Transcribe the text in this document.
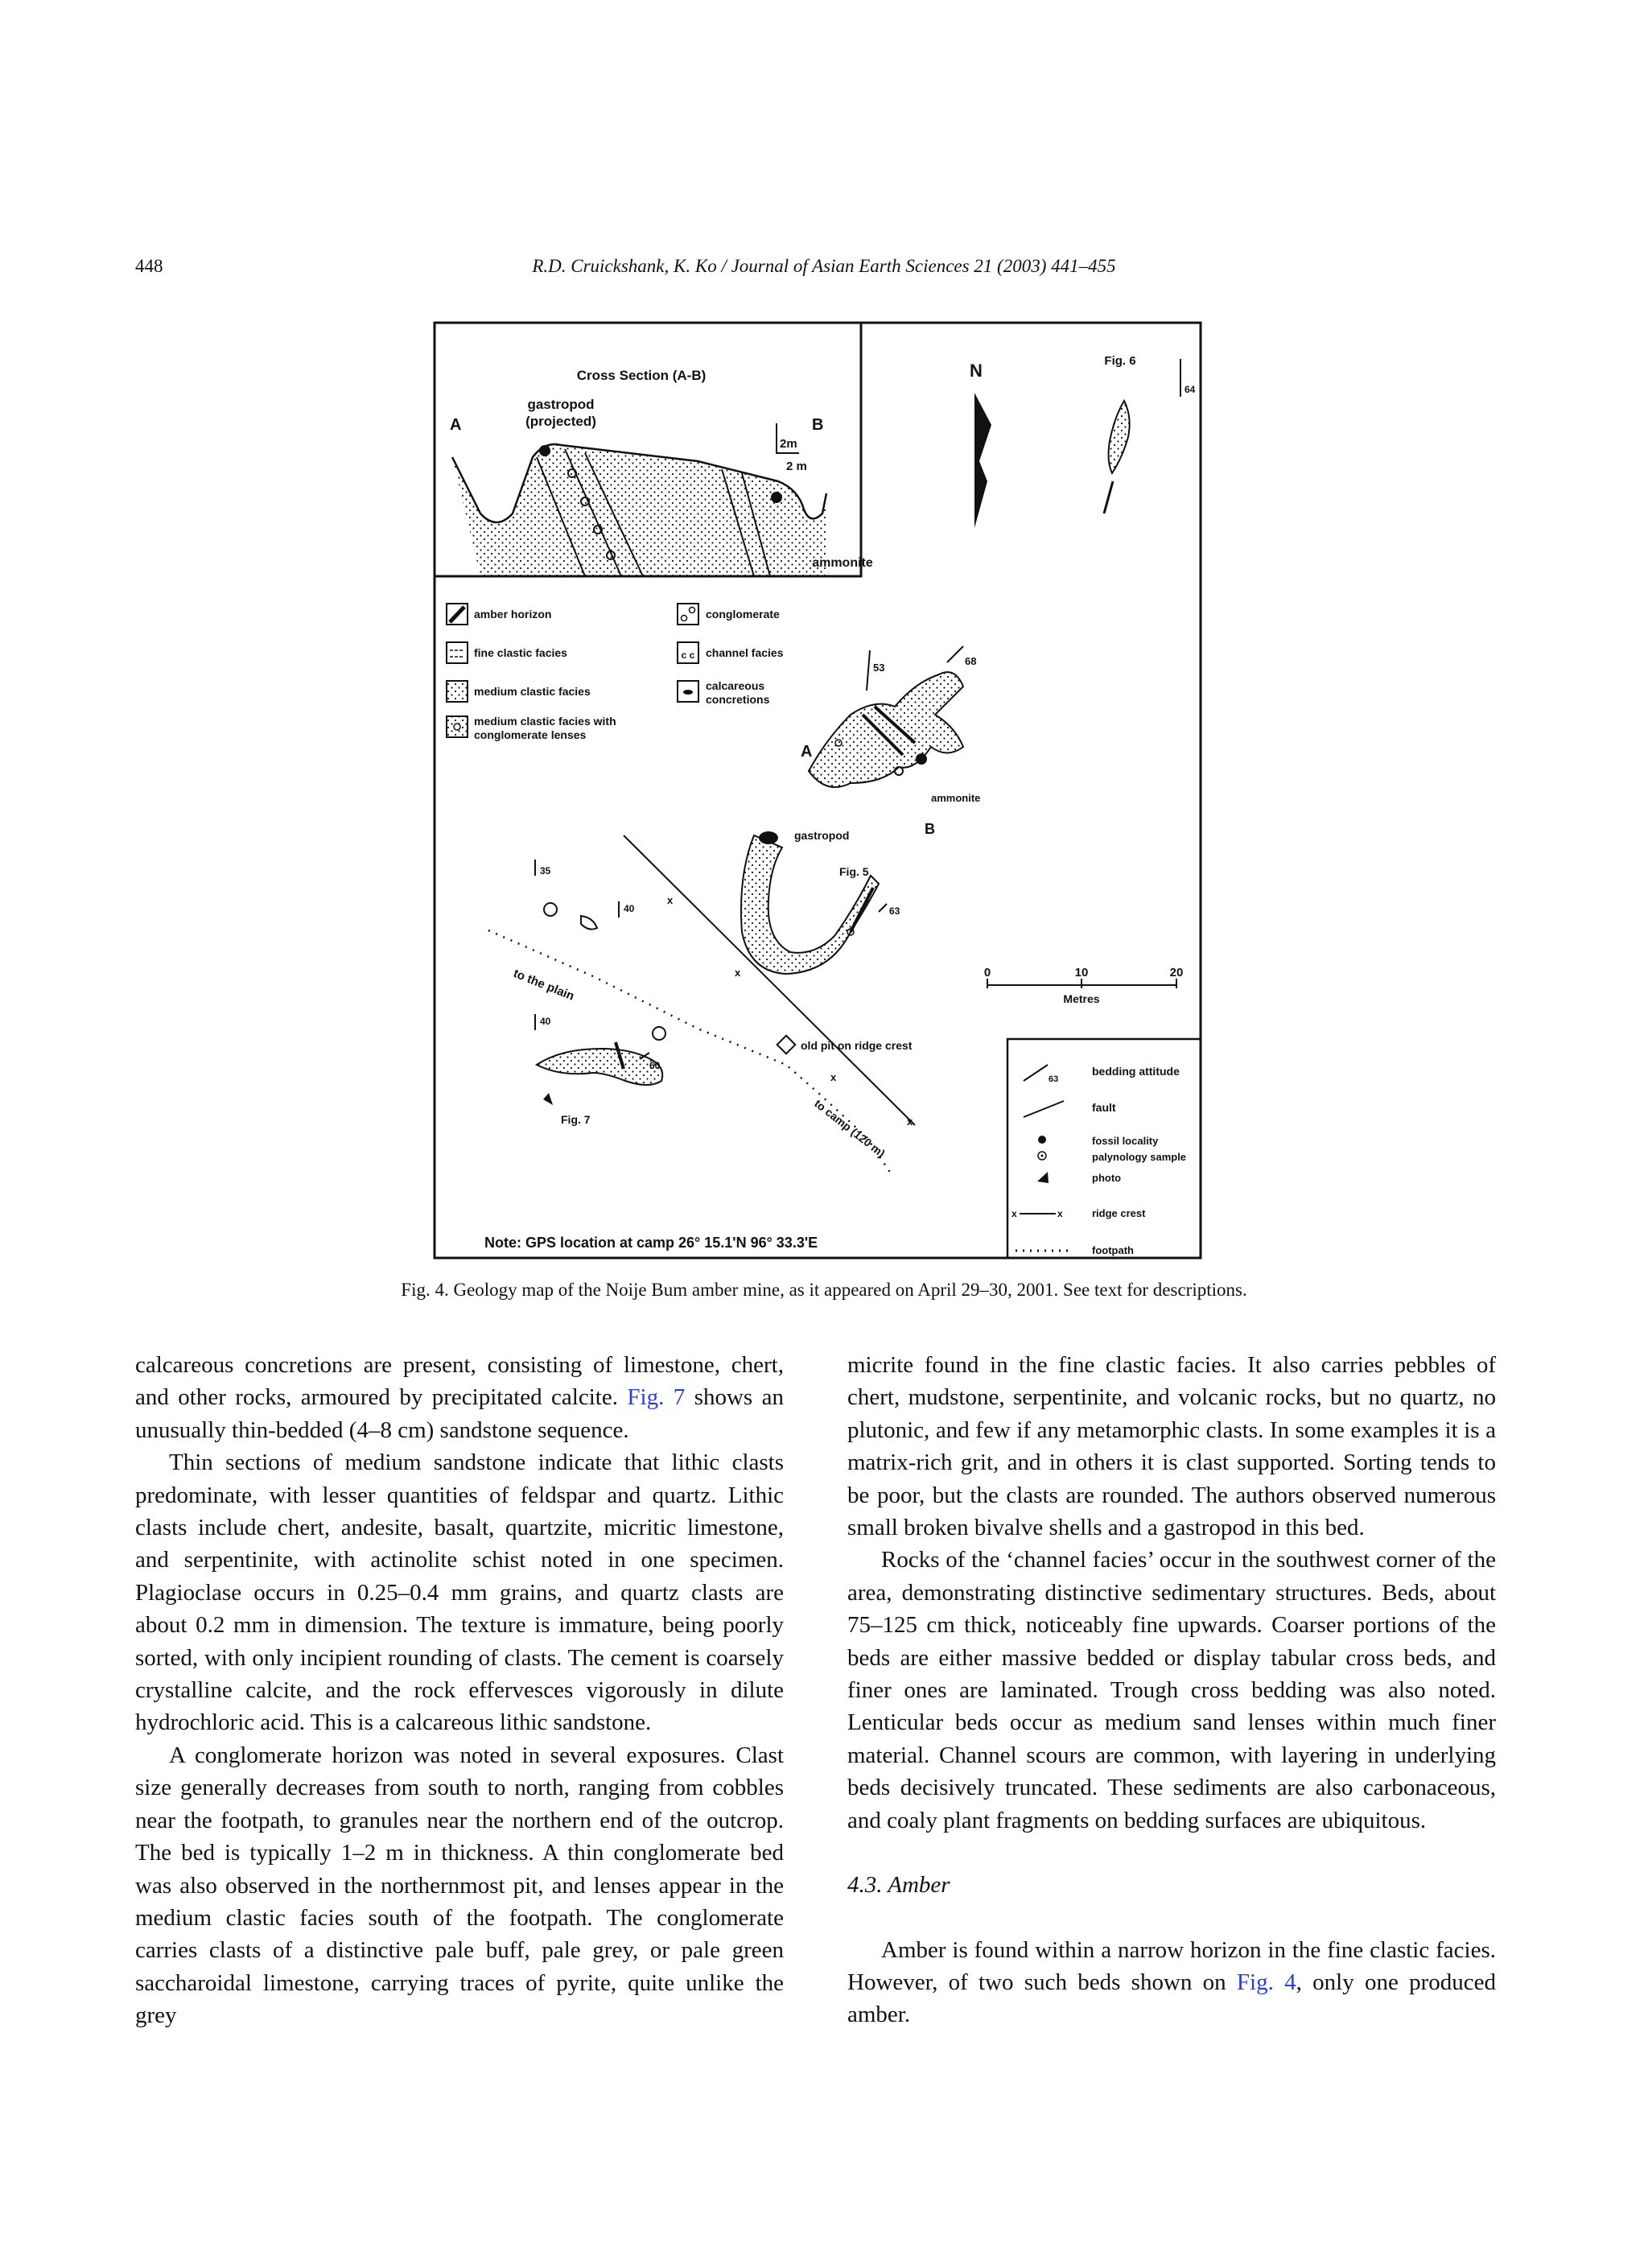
448	R.D. Cruickshank, K. Ko / Journal of Asian Earth Sciences 21 (2003) 441–455
Cross Section (A-B)
A
gastropod
(projected)	B
2m
2 m
ammonite
N	Fig. 6
64
amber horizon
fine clastic facies
medium clastic facies
medium clastic facies with
conglomerate lenses
conglomerate
c c channel facies
calcareous
concretions
53
68
A
ammonite
B
gastropod
Fig. 5
63
35
40
40
60
Fig. 7
x
x
x
x
to the plain
old pit on ridge crest
to camp (120 m)
0	10	20
Metres
63
bedding attitude
fault
fossil locality
palynology sample
photo
x	x	ridge crest
footpath
Note: GPS location at camp 26° 15.1'N 96° 33.3'E
Fig. 4. Geology map of the Noije Bum amber mine, as it appeared on April 29–30, 2001. See text for descriptions.

calcareous concretions are present, consisting of limestone, chert, and other rocks, armoured by precipitated calcite. Fig. 7 shows an unusually thin-bedded (4–8 cm) sandstone sequence.

Thin sections of medium sandstone indicate that lithic clasts predominate, with lesser quantities of feldspar and quartz. Lithic clasts include chert, andesite, basalt, quartzite, micritic limestone, and serpentinite, with actinolite schist noted in one specimen. Plagioclase occurs in 0.25–0.4 mm grains, and quartz clasts are about 0.2 mm in dimension. The texture is immature, being poorly sorted, with only incipient rounding of clasts. The cement is coarsely crystalline calcite, and the rock effervesces vigorously in dilute hydrochloric acid. This is a calcareous lithic sandstone.

A conglomerate horizon was noted in several exposures. Clast size generally decreases from south to north, ranging from cobbles near the footpath, to granules near the northern end of the outcrop. The bed is typically 1–2 m in thickness. A thin conglomerate bed was also observed in the northernmost pit, and lenses appear in the medium clastic facies south of the footpath. The conglomerate carries clasts of a distinctive pale buff, pale grey, or pale green saccharoidal limestone, carrying traces of pyrite, quite unlike the grey

micrite found in the fine clastic facies. It also carries pebbles of chert, mudstone, serpentinite, and volcanic rocks, but no quartz, no plutonic, and few if any metamorphic clasts. In some examples it is a matrix-rich grit, and in others it is clast supported. Sorting tends to be poor, but the clasts are rounded. The authors observed numerous small broken bivalve shells and a gastropod in this bed.

Rocks of the ‘channel facies’ occur in the southwest corner of the area, demonstrating distinctive sedimentary structures. Beds, about 75–125 cm thick, noticeably fine upwards. Coarser portions of the beds are either massive bedded or display tabular cross beds, and finer ones are laminated. Trough cross bedding was also noted. Lenticular beds occur as medium sand lenses within much finer material. Channel scours are common, with layering in underlying beds decisively truncated. These sediments are also carbonaceous, and coaly plant fragments on bedding surfaces are ubiquitous.

4.3. Amber

Amber is found within a narrow horizon in the fine clastic facies. However, of two such beds shown on Fig. 4, only one produced amber.
